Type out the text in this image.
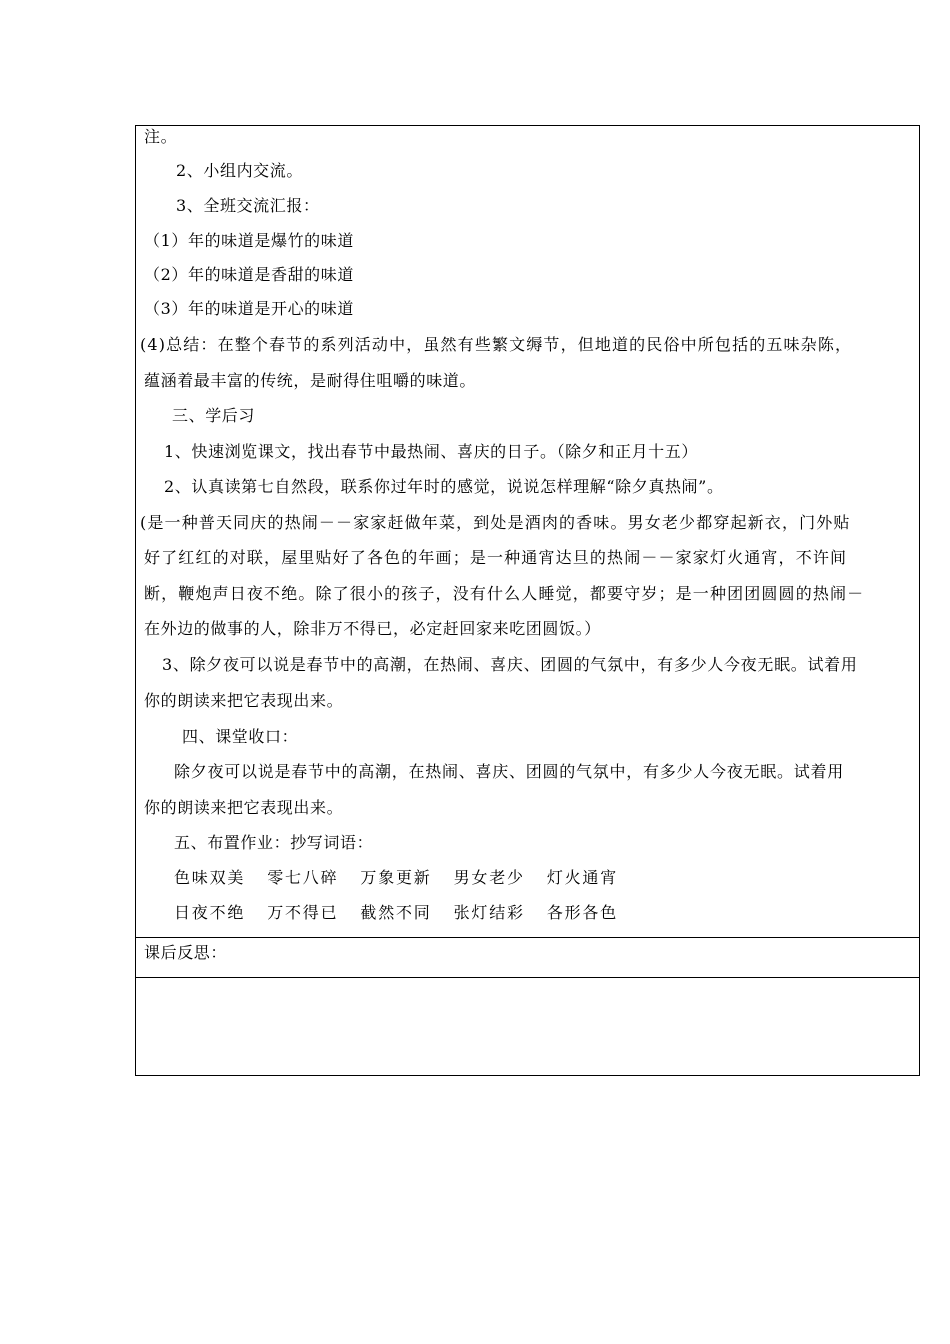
注。
2、小组内交流。
3、全班交流汇报：
（1）年的味道是爆竹的味道
（2）年的味道是香甜的味道
（3）年的味道是开心的味道
(4)总结：在整个春节的系列活动中，虽然有些繁文缛节，但地道的民俗中所包括的五味杂陈，
蕴涵着最丰富的传统，是耐得住咀嚼的味道。
三、学后习
1、快速浏览课文，找出春节中最热闹、喜庆的日子。（除夕和正月十五）
2、认真读第七自然段，联系你过年时的感觉，说说怎样理解“除夕真热闹”。
(是一种普天同庆的热闹－－家家赶做年菜，到处是酒肉的香味。男女老少都穿起新衣，门外贴
好了红红的对联，屋里贴好了各色的年画；是一种通宵达旦的热闹－－家家灯火通宵，不许间
断，鞭炮声日夜不绝。除了很小的孩子，没有什么人睡觉，都要守岁；是一种团团圆圆的热闹－
在外边的做事的人，除非万不得已，必定赶回家来吃团圆饭。）
3、除夕夜可以说是春节中的高潮，在热闹、喜庆、团圆的气氛中，有多少人今夜无眠。试着用
你的朗读来把它表现出来。
四、课堂收口：
除夕夜可以说是春节中的高潮，在热闹、喜庆、团圆的气氛中，有多少人今夜无眠。试着用
你的朗读来把它表现出来。
五、布置作业：抄写词语：
色味双美 零七八碎 万象更新 男女老少 灯火通宵
日夜不绝 万不得已 截然不同 张灯结彩 各形各色
课后反思：
